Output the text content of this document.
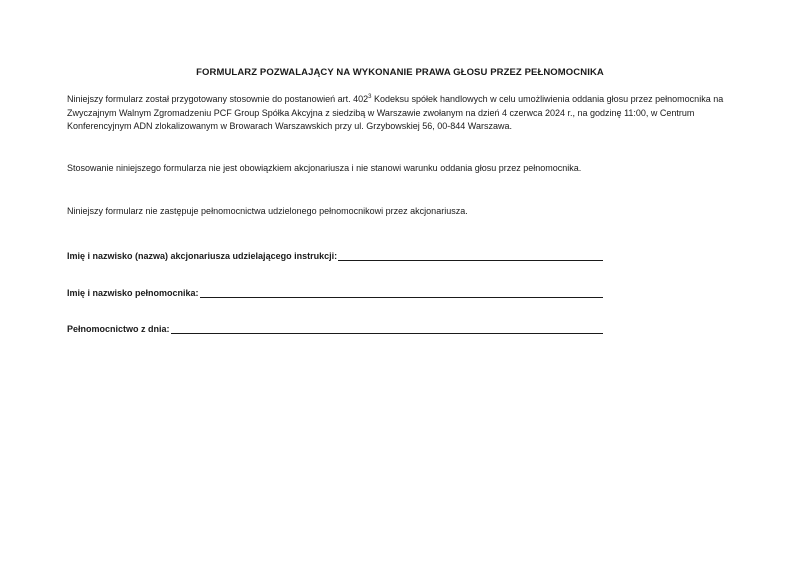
FORMULARZ POZWALAJĄCY NA WYKONANIE PRAWA GŁOSU PRZEZ PEŁNOMOCNIKA
Niniejszy formularz został przygotowany stosownie do postanowień art. $402^3$ Kodeksu spółek handlowych w celu umożliwienia oddania głosu przez pełnomocnika na Zwyczajnym Walnym Zgromadzeniu PCF Group Spółka Akcyjna z siedzibą w Warszawie zwołanym na dzień 4 czerwca 2024 r., na godzinę 11:00, w Centrum Konferencyjnym ADN zlokalizowanym w Browarach Warszawskich przy ul. Grzybowskiej 56, 00-844 Warszawa.
Stosowanie niniejszego formularza nie jest obowiązkiem akcjonariusza i nie stanowi warunku oddania głosu przez pełnomocnika.
Niniejszy formularz nie zastępuje pełnomocnictwa udzielonego pełnomocnikowi przez akcjonariusza.
Imię i nazwisko (nazwa) akcjonariusza udzielającego instrukcji:
Imię i nazwisko pełnomocnika:
Pełnomocnictwo z dnia:
